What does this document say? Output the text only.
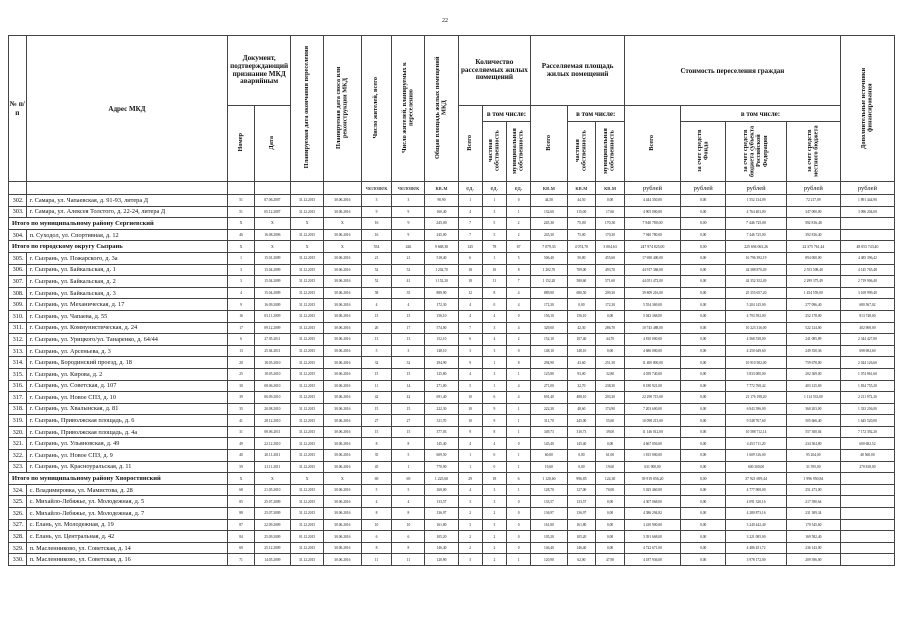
22
№ п/п	Адрес МКД	Документ, подтверждающий признание МКД аварийным		Планируемая дата окончания переселения	Планируемая дата сноса или реконструкции МКД	Число жителей, всего	Число жителей, планируемых к переселению	Общая площадь жилых помещений МКД	Количество расселяемых жилых помещений			Расселяемая площадь жилых помещений			Стоимость переселения граждан				Дополнительные источники финансирования
		Номер	Дата						Всего	в том числе:		Всего	в том числе:		Всего	в том числе:			
										частная собственность	муниципальная собственность		частная собственность	муниципальная собственность		за счет средств Фонда	за счет средств бюджета субъекта Российской Федерации	за счет средств местного бюджета	
						человек	человек	кв.м	ед.	ед.	ед.	кв.м	кв.м	кв.м	рублей	рублей	рублей	рублей	рублей
302.	г. Самара, ул. Чапаевская, д. 91-93, литера Д	51	07.06.2007	31.12.2015	30.06.2016	3	3	90,90	1	1	0	44,50	44,50	0,00	4 444 350,00	0,00	1 552 134,09	72 217,09	1 891 444,90
303.	г. Самара, ул. Алексея Толстого, д. 22-24, литера Д	51	05.12.2007	31.12.2015	30.06.2016	9	9	160,40	4	3	1	132,60	115,00	17,60	4 905 000,00	0,00	4 764 403,00	347 000,00	3 096 204,00
Итого по муниципальному району Сергиевский		X	X	X	X	16	9	245,00	7	5	2	245,30	75,00	170,30	7 940 780,00	0,00	7 446 725,00	392 816,40	
304.	п. Суходол, ул. Спортивная, д. 12	46	16.08.2006	31.12.2015	30.06.2016	16	9	245,00	7	5	2	245,30	75,00	170,30	7 940 780,00	0,00	7 446 725,00	392 816,40	
Итого по городскому округу Сызрань		X	X	X	X	554	426	9 668,30	145	78	67	7 079,33	4 074,70	3 004,63	247 974 825,00	0,00	225 694 063,26	22 375 761,44	48 053 743,40
305.	г. Сызрань, ул. Пожарского, д. 3а	1	15.01.2009	31.12.2015	30.06.2016	21	21	518,40	6	1	5	506,40	50,80	455,60	17 690 400,00	0,00	16 796 392,19	894 000,00	4 485 396,42
306.	г. Сызрань, ул. Байкальская, д. 1	3	15.04.2009	31.12.2015	30.06.2016	52	52	1 202,70	18	10	8	1 202,70	709,00	493,70	44 917 368,00	0,00	42 388 870,49	2 553 508,40	4 145 765,48
307.	г. Сызрань, ул. Байкальская, д. 2	3	15.04.2009	31.12.2015	30.06.2016	52	41	1 152,20	18	11	7	1 152,20	580,60	571,60	44 051 472,00	0,00	42 352 352,49	2 299 375,49	2 719 906,40
308.	г. Сызрань, ул. Байкальская, д. 3	4	15.04.2009	31.12.2015	30.06.2016	58	35	889,90	12	8	4	889,90	680,50	209,30	39 809 216,00	0,00	25 355 657,20	1 454 559,00	3 169 999,40
309.	г. Сызрань, ул. Механическая, д. 17	9	16.09.2009	31.12.2015	30.06.2016	4	4	172,30	4	0	4	172,30	0,00	172,30	5 554 369,00	0,00	5 204 145,00	277 096,40	680 567,02
310.	г. Сызрань, ул. Чапаева, д. 55	16	03.11.2009	31.12.2015	30.06.2016	15	15	156,10	4	4	0	156,10	156,10	0,00	5 043 368,00	0,00	4 793 592,00	252 178,00	813 748,00
311.	г. Сызрань, ул. Коммунистическая, д. 24	17	09.12.2009	31.12.2015	30.06.2016	20	17	574,00	7	3	4	329,00	42,30	286,70	10 743 488,00	0,00	10 223 316,00	522 124,00	402 908,00
312.	г. Сызрань, ул. Урицкого/ул. Танаренко, д. 64/44	6	27.05.2011	31.12.2015	30.06.2016	13	13	152,10	6	4	2	152,10	107,40	44,70	4 810 000,00	0,00	4 568 538,00	241 085,89	2 344 427,80
313.	г. Сызрань, ул. Арсеньева, д. 3	13	25.04.2011	31.12.2015	30.06.2016	5	3	148,10	3	3	0	148,10	148,10	0,00	4 686 000,00	0,00	4 250 649,60	249 350,36	698 692,60
314.	г. Сызрань, Бородинский проезд, д. 18	20	18.05.2010	31.12.2015	30.06.2016	32	32	294,90	9	1	8	294,90	43,60	251,30	11 400 000,00	0,00	10 910 582,00	759 678,00	2 024 126,60
315.	г. Сызрань, ул. Кирова, д. 2	25	18.05.2010	31.12.2015	30.06.2016	15	15	125,80	4	3	1	125,80	93,00	32,80	4 039 740,00	0,00	3 833 000,00	202 369,00	1 074 861,60
316.	г. Сызрань, ул. Советская, д. 107	30	08.06.2010	31.12.2015	30.06.2016	11	14	271,00	5	1	4	271,00	32,70	238,30	8 180 921,00	0,00	7 772 768,42	403 125,69	1 834 755,20
317.	г. Сызрань, ул. Новое СПЗ, д. 10	39	06.09.2010	31.12.2015	30.06.2016	42	42	691,40	10	6	4	691,40	488,10	203,30	22 290 715,00	0,00	21 176 198,20	1 114 533,00	2 211 972,20
318.	г. Сызрань, ул. Хвалынская, д. 81	35	20.08.2010	31.12.2015	30.06.2016	15	15	222,30	10	9	1	222,30	48,60	174,90	7 203 600,00	0,00	6 843 396,00	360 203,00	1 333 236,00
319.	г. Сызрань, Приволжская площадь, д. 6	41	28.12.2010	31.12.2015	30.06.2016	27	27	311,70	10	9	1	311,70	245,00	55,60	10 098 213,00	0,00	9 548 767,60	505 666,40	1 645 520,00
320.	г. Сызрань, Приволжская площадь, д. 4а	31	08.06.2011	31.12.2015	30.06.2016	15	15	377,03	9	8	1	349,73	310,73	39,00	11 146 012,00	0,00	10 588 712,14	557 300,04	7 172 392,20
321.	г. Сызрань, ул. Ульяновская, д. 49	49	22.12.2010	31.12.2015	30.06.2016	8	8	145,40	4	4	0	145,40	145,40	0,00	4 667 056,00	0,00	4 453 711,20	234 304,80	600 682,52
322.	г. Сызрань, ул. Новое СПЗ, д. 9	40	20.11.2011	31.12.2015	30.06.2016	35	5	609,50	1	0	1	60,00	0,00	61,00	1 815 000,00	0,00	1 609 316,00	95 264,00	48 560,00
323.	г. Сызрань, ул. Красноуральская, д. 11	59	21.11.2011	31.12.2015	30.06.2016	45	1	770,90	1	0	1	19,60	0,00	19,60	631 900,00	0,00	600 300,00	31 595,00	270 818,00
Итого по муниципальному району Хворостянский		X	X	X	X	69	69	1 225,60	29	18	6	1 120,60	996,85	124,30	39 919 056,20	0,00	37 921 699,44	1 996 950,84	
324.	с. Владимировка, ул. Мамистова, д. 28	68	21.05.2010	31.12.2015	30.06.2016	5	5	160,00	4	3	1	128,70	127,00	70,00	5 025 460,00	0,00	4 777 908,00	251 473,00	
325.	с. Михайло-Лебяжье, ул. Молодежная, д. 5	85	25.07.2009	31.12.2015	30.06.2016	4	4	133,57	3	3	0	133,57	133,57	0,00	4 307 068,00	0,00	4 091 320,16	217 390,64	
326.	с. Михайло-Лебяжье, ул. Молодежная, д. 7	88	25.07.2009	31.12.2015	30.06.2016	8	8	136,97	2	2	0	136,97	136,97	0,00	4 386 294,82	0,00	4 280 873,16	231 309,34	
327.	с. Елань, ул. Молодежная, д. 19	87	22.09.2009	31.12.2015	30.06.2016	10	10	161,80	3	3	0	161,80	161,80	0,00	3 410 900,00	0,00	3 240 442,40	170 545,60	
328.	с. Елань, ул. Центральная, д. 42	84	25.09.2009	01.12.2015	30.06.2016	6	6	105,20	2	2	0	105,20	105,20	0,00	3 391 668,00	0,00	3 221 085,00	169 582,40	
329.	п. Масленниково, ул. Советская, д. 14	69	25.12.2009	31.12.2015	30.06.2016	8	8	146,40	2	2	0	146,40	146,40	0,00	4 722 671,00	0,00	4 486 451,72	236 143,00	
330.	п. Масленниково, ул. Советская, д. 16	71	14.05.2009	31.12.2015	30.06.2016	11	11	120,90	3	2	1	120,90	62,00	47,90	4 187 936,00	0,00	3 978 172,00	209 396,00	
